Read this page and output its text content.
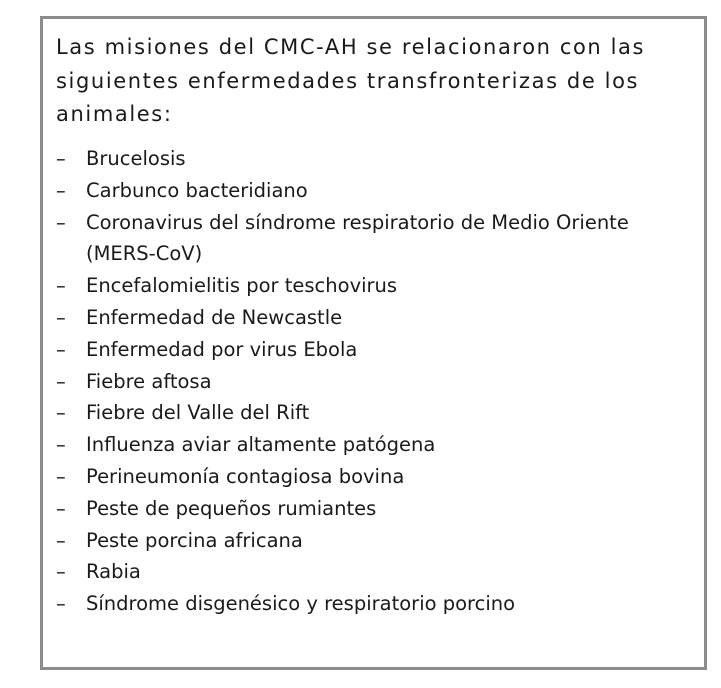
Las misiones del CMC-AH se relacionaron con las siguientes enfermedades transfronterizas de los animales:

–	Brucelosis
–	Carbunco bacteridiano
–	Coronavirus del síndrome respiratorio de Medio Oriente (MERS-CoV)
–	Encefalomielitis por teschovirus
–	Enfermedad de Newcastle
–	Enfermedad por virus Ebola
–	Fiebre aftosa
–	Fiebre del Valle del Rift
–	Influenza aviar altamente patógena
–	Perineumonía contagiosa bovina
–	Peste de pequeños rumiantes
–	Peste porcina africana
–	Rabia
–	Síndrome disgenésico y respiratorio porcino
